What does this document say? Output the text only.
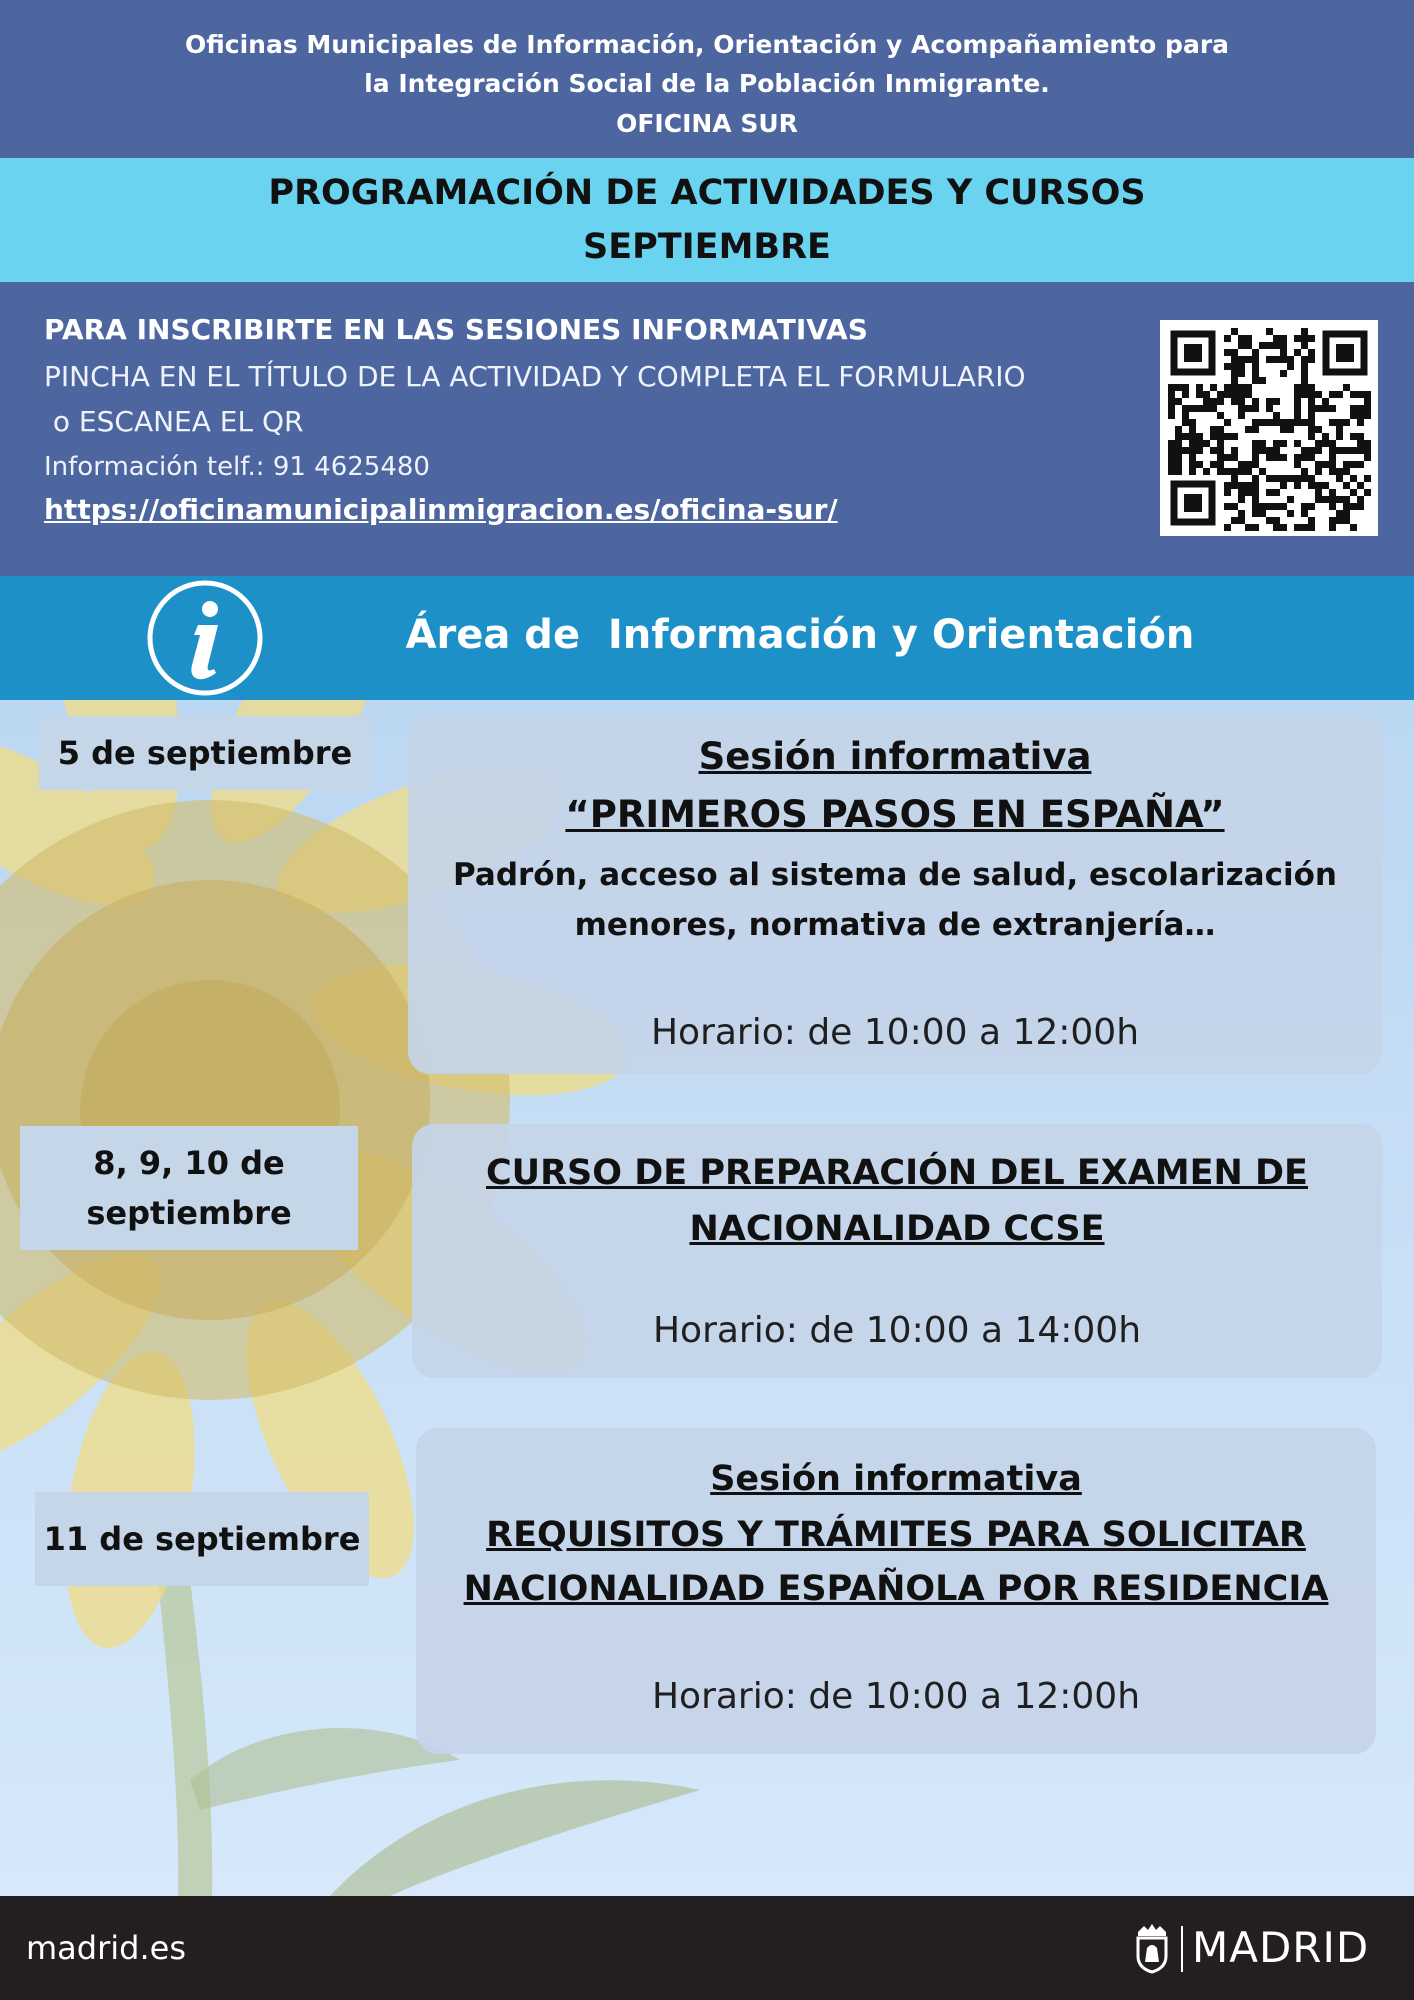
Oficinas Municipales de Información, Orientación y Acompañamiento para
la Integración Social de la Población Inmigrante.
OFICINA SUR
PROGRAMACIÓN DE ACTIVIDADES Y CURSOS
SEPTIEMBRE
PARA INSCRIBIRTE EN LAS SESIONES INFORMATIVAS
PINCHA EN EL TÍTULO DE LA ACTIVIDAD Y COMPLETA EL FORMULARIO
o ESCANEA EL QR
Información telf.: 91 4625480
https://oficinamunicipalinmigracion.es/oficina-sur/
Área de  Información y Orientación
5 de septiembre	Sesión informativa
“PRIMEROS PASOS EN ESPAÑA”
Padrón, acceso al sistema de salud, escolarización
menores, normativa de extranjería…
Horario: de 10:00 a 12:00h
8, 9, 10 de
septiembre
CURSO DE PREPARACIÓN DEL EXAMEN DE
NACIONALIDAD CCSE
Horario: de 10:00 a 14:00h
11 de septiembre
Sesión informativa
REQUISITOS Y TRÁMITES PARA SOLICITAR
NACIONALIDAD ESPAÑOLA POR RESIDENCIA
Horario: de 10:00 a 12:00h
madrid.es	MADRID
